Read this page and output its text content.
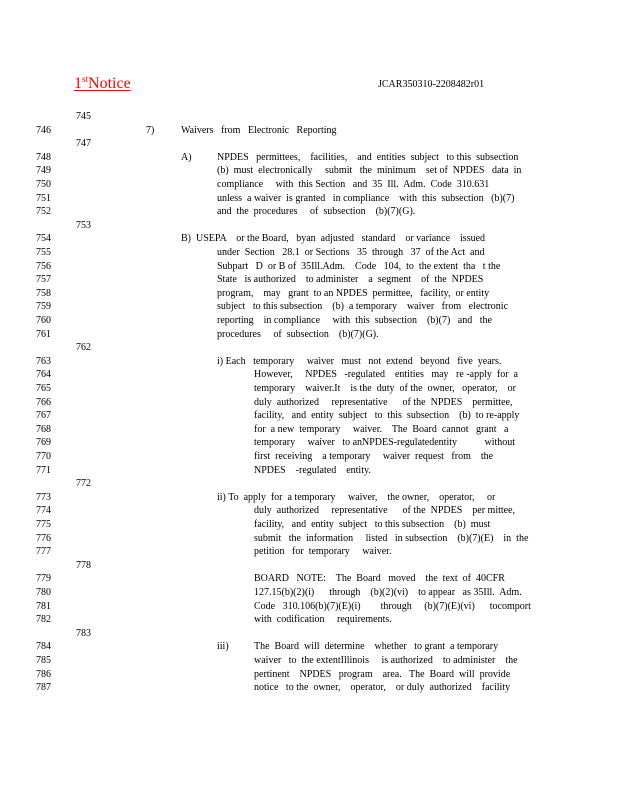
1stNotice	JCAR350310-2208482r01
745
746	7)	Waivers   from   Electronic   Reporting
747
748	A)	NPDES   permittees,    facilities,    and  entities  subject   to this  subsection
749	(b)  must  electronically     submit   the  minimum    set of  NPDES   data  in
750	compliance     with  this Section   and  35  Ill.  Adm.  Code  310.631
751	unless  a waiver  is granted   in compliance    with  this  subsection   (b)(7)
752	and  the  procedures     of  subsection    (b)(7)(G).
753
754	B)  USEPA    or the Board,   byan  adjusted   standard    or variance    issued
755	under  Section   28.1  or Sections   35  through   37  of the Act  and
756	Subpart   D  or B of  35Ill.Adm.    Code   104,  to  the extent  tha   t the
757	State   is authorized    to administer    a  segment    of  the  NPDES
758	program,    may   grant  to an NPDES  permittee,   facility,  or entity
759	subject   to this subsection    (b)  a temporary    waiver   from   electronic
760	reporting    in compliance     with  this  subsection    (b)(7)   and   the
761	procedures     of  subsection    (b)(7)(G).
762
763	i) Each   temporary     waiver   must   not  extend   beyond   five  years.
764	However,     NPDES   -regulated    entities   may   re -apply  for  a
765	temporary    waiver.It    is the  duty  of the  owner,   operator,    or
766	duly  authorized     representative      of the  NPDES    permittee,
767	facility,   and  entity  subject   to  this  subsection    (b)  to re-apply
768	for  a new  temporary     waiver.    The  Board  cannot   grant   a
769	temporary     waiver   to anNPDES-regulatedentity           without
770	first  receiving    a temporary     waiver  request   from    the
771	NPDES    -regulated    entity.
772
773	ii) To  apply  for  a temporary     waiver,    the owner,    operator,     or
774	duly  authorized     representative      of the  NPDES    per mittee,
775	facility,   and  entity  subject   to this subsection    (b)  must
776	submit   the  information     listed   in subsection    (b)(7)(E)    in  the
777	petition   for  temporary     waiver.
778
779	BOARD   NOTE:    The  Board   moved    the  text  of  40CFR
780	127.15(b)(2)(i)      through    (b)(2)(vi)    to appear   as 35Ill.  Adm.
781	Code   310.106(b)(7)(E)(i)        through     (b)(7)(E)(vi)      tocomport
782	with  codification     requirements.
783
784	iii)	The  Board  will  determine    whether   to grant  a temporary
785	waiver   to  the extentIllinois     is authorized    to administer    the
786	pertinent    NPDES   program    area.   The  Board  will  provide
787	notice   to the  owner,    operator,    or duly  authorized    facility
